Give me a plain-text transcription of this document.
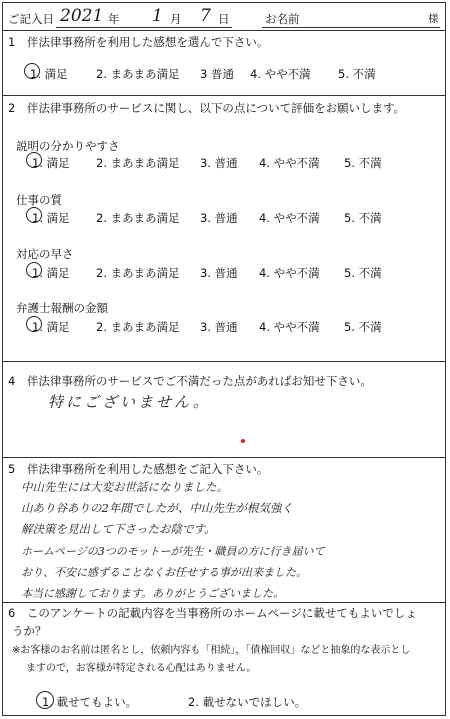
ご記入日 2021 年 1 月 7 日	お名前	様
1　伴法律事務所を利用した感想を選んで下さい。
1. 満足 2. まあまあ満足 3 普通 4. やや不満 5. 不満
2　伴法律事務所のサービスに関し、以下の点について評価をお願いします。
説明の分かりやすさ
1. 満足 2. まあまあ満足 3. 普通 4. やや不満 5. 不満
仕事の質
1. 満足 2. まあまあ満足 3. 普通 4. やや不満 5. 不満
対応の早さ
1. 満足 2. まあまあ満足 3. 普通 4. やや不満 5. 不満
弁護士報酬の金額
1. 満足 2. まあまあ満足 3. 普通 4. やや不満 5. 不満
4　伴法律事務所のサービスでご不満だった点があればお知せ下さい。
特にございません。
5　伴法律事務所を利用した感想をご記入下さい。
中山先生には大変お世話になりました。
山あり谷ありの2年間でしたが、中山先生が根気強く
解決策を見出して下さったお陰です。
ホームページの3つのモットーが先生・職員の方に行き届いて
おり、不安に感ずることなくお任せする事が出来ました。
本当に感謝しております。ありがとうございました。
6　このアンケートの記載内容を当事務所のホームページに載せてもよいでしょ
うか？
※お客様のお名前は匿名とし，依頼内容も「相続」，「債権回収」などと抽象的な表示とし
ますので，お客様が特定される心配はありません。
1. 載せてもよい。	2. 載せないでほしい。
